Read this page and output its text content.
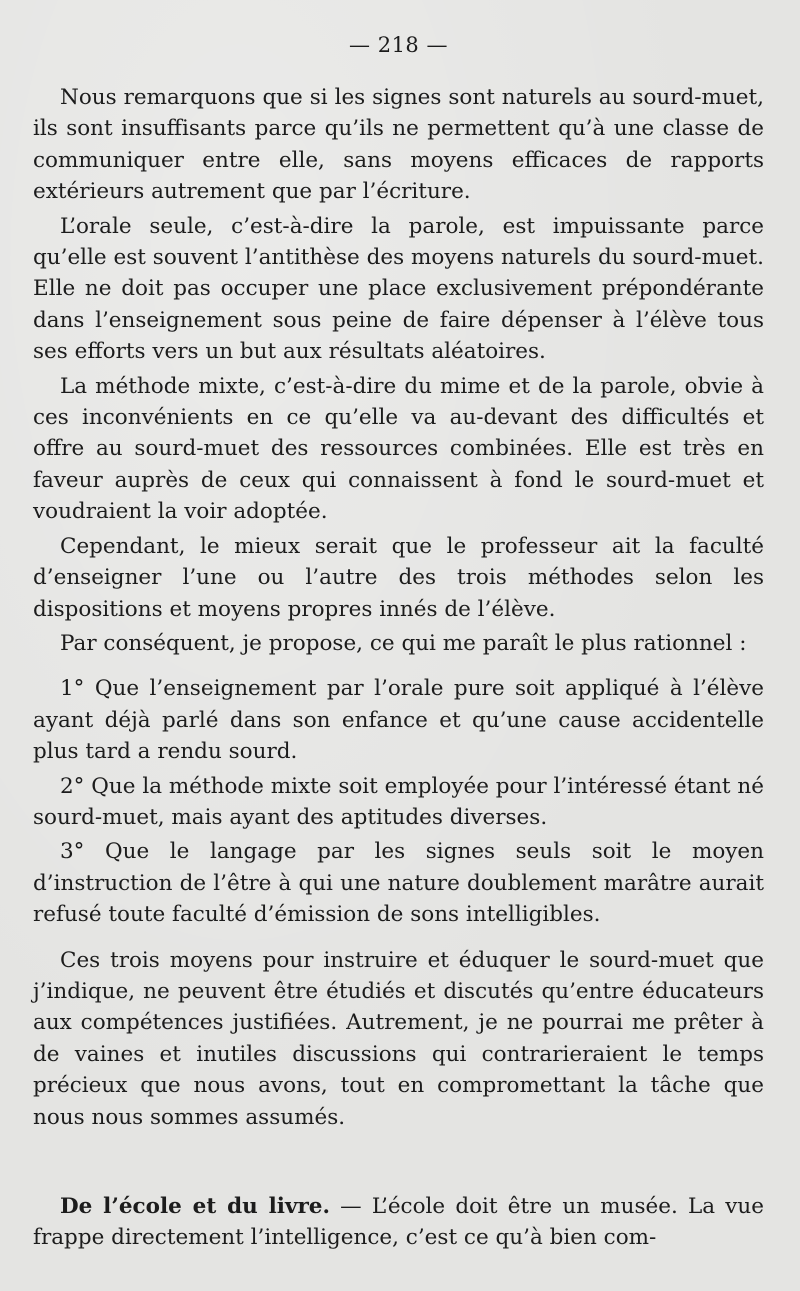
— 218 —

Nous remarquons que si les signes sont naturels au sourd-muet, ils sont insuffisants parce qu’ils ne permettent qu’à une classe de communiquer entre elle, sans moyens efficaces de rapports extérieurs autrement que par l’écriture.

L’orale seule, c’est-à-dire la parole, est impuissante parce qu’elle est souvent l’antithèse des moyens naturels du sourd-muet. Elle ne doit pas occuper une place exclusivement prépondérante dans l’enseignement sous peine de faire dépenser à l’élève tous ses efforts vers un but aux résultats aléatoires.

La méthode mixte, c’est-à-dire du mime et de la parole, obvie à ces inconvénients en ce qu’elle va au-devant des difficultés et offre au sourd-muet des ressources combinées. Elle est très en faveur auprès de ceux qui connaissent à fond le sourd-muet et voudraient la voir adoptée.

Cependant, le mieux serait que le professeur ait la faculté d’enseigner l’une ou l’autre des trois méthodes selon les dispositions et moyens propres innés de l’élève.

Par conséquent, je propose, ce qui me paraît le plus rationnel :

1° Que l’enseignement par l’orale pure soit appliqué à l’élève ayant déjà parlé dans son enfance et qu’une cause accidentelle plus tard a rendu sourd.

2° Que la méthode mixte soit employée pour l’intéressé étant né sourd-muet, mais ayant des aptitudes diverses.

3° Que le langage par les signes seuls soit le moyen d’instruction de l’être à qui une nature doublement marâtre aurait refusé toute faculté d’émission de sons intelligibles.

Ces trois moyens pour instruire et éduquer le sourd-muet que j’indique, ne peuvent être étudiés et discutés qu’entre éducateurs aux compétences justifiées. Autrement, je ne pourrai me prêter à de vaines et inutiles discussions qui contrarieraient le temps précieux que nous avons, tout en compromettant la tâche que nous nous sommes assumés.

De l’école et du livre. — L’école doit être un musée. La vue frappe directement l’intelligence, c’est ce qu’à bien com-
